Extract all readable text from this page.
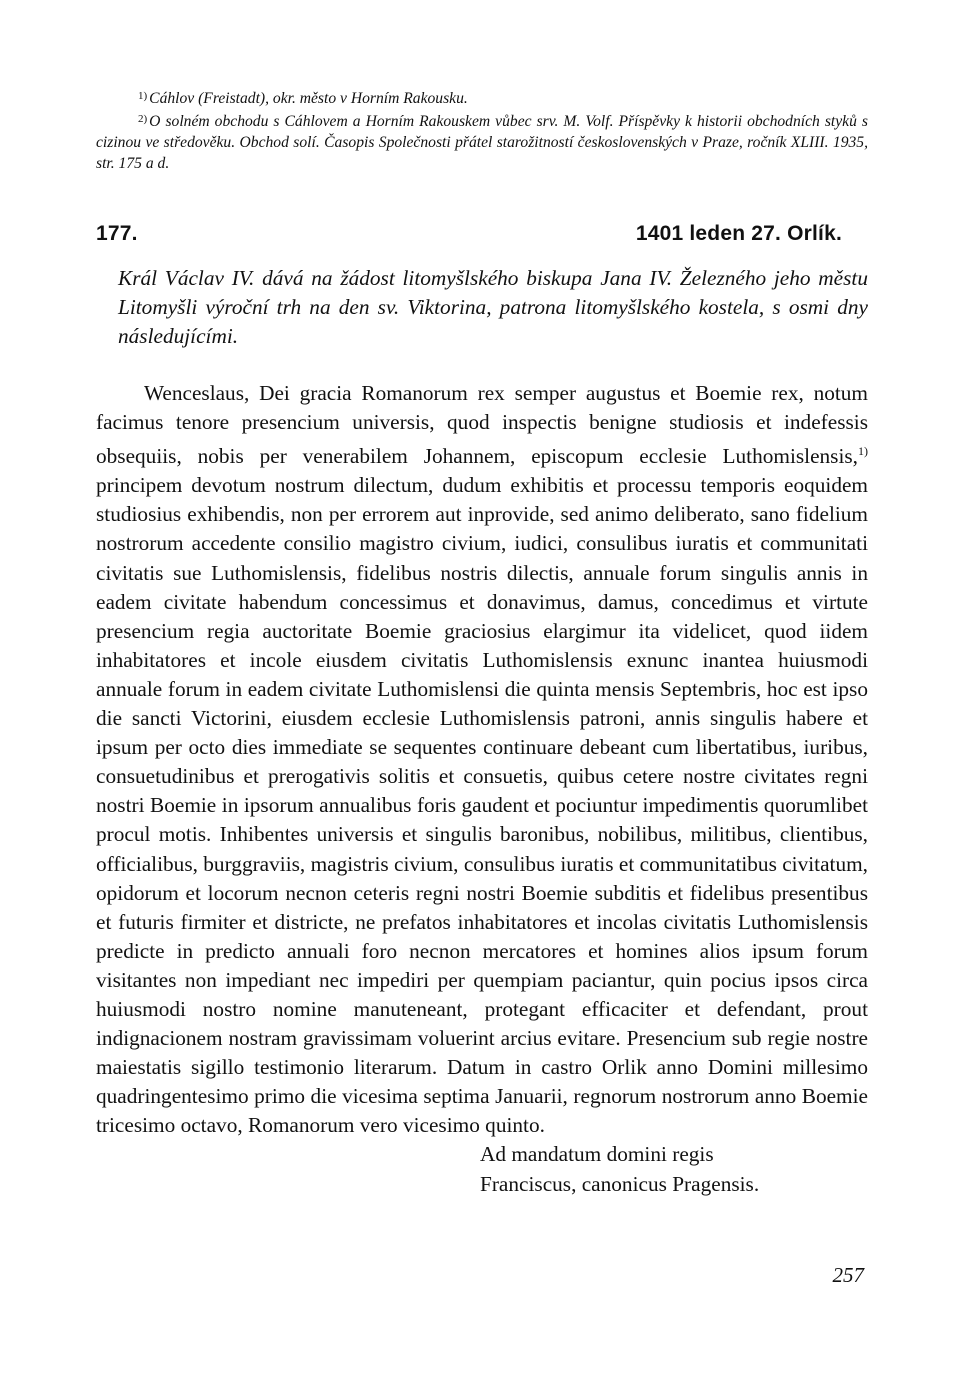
$^{1)}$ Cáhlov (Freistadt), okr. město v Horním Rakousku.

$^{2)}$ O solném obchodu s Cáhlovem a Horním Rakouskem vůbec srv. M. Volf. Příspěvky k historii obchodních styků s cizinou ve středověku. Obchod solí. Časopis Společnosti přátel starožitností československých v Praze, ročník XLIII. 1935, str. 175 a d.

177.	1401 leden 27. Orlík.
Král Václav IV. dává na žádost litomyšlského biskupa Jana IV. Železného jeho městu Litomyšli výroční trh na den sv. Viktorina, patrona litomyšlského kostela, s osmi dny následujícími.
Wenceslaus, Dei gracia Romanorum rex semper augustus et Boemie rex, notum facimus tenore presencium universis, quod inspectis benigne studiosis et indefessis obsequiis, nobis per venerabilem Johannem, episcopum ecclesie Luthomislensis,$^{1)}$ principem devotum nostrum dilectum, dudum exhibitis et processu temporis eoquidem studiosius exhibendis, non per errorem aut inprovide, sed animo deliberato, sano fidelium nostrorum accedente consilio magistro civium, iudici, consulibus iuratis et communitati civitatis sue Luthomislensis, fidelibus nostris dilectis, annuale forum singulis annis in eadem civitate habendum concessimus et donavimus, damus, concedimus et virtute presencium regia auctoritate Boemie graciosius elargimur ita videlicet, quod iidem inhabitatores et incole eiusdem civitatis Luthomislensis exnunc inantea huiusmodi annuale forum in eadem civitate Luthomislensi die quinta mensis Septembris, hoc est ipso die sancti Victorini, eiusdem ecclesie Luthomislensis patroni, annis singulis habere et ipsum per octo dies immediate se sequentes continuare debeant cum libertatibus, iuribus, consuetudinibus et prerogativis solitis et consuetis, quibus cetere nostre civitates regni nostri Boemie in ipsorum annualibus foris gaudent et pociuntur impedimentis quorumlibet procul motis. Inhibentes universis et singulis baronibus, nobilibus, militibus, clientibus, officialibus, burggraviis, magistris civium, consulibus iuratis et communitatibus civitatum, opidorum et locorum necnon ceteris regni nostri Boemie subditis et fidelibus presentibus et futuris firmiter et districte, ne prefatos inhabitatores et incolas civitatis Luthomislensis predicte in predicto annuali foro necnon mercatores et homines alios ipsum forum visitantes non impediant nec impediri per quempiam paciantur, quin pocius ipsos circa huiusmodi nostro nomine manuteneant, protegant efficaciter et defendant, prout indignacionem nostram gravissimam voluerint arcius evitare. Presencium sub regie nostre maiestatis sigillo testimonio literarum. Datum in castro Orlik anno Domini millesimo quadringentesimo primo die vicesima septima Januarii, regnorum nostrorum anno Boemie tricesimo octavo, Romanorum vero vicesimo quinto.
Ad mandatum domini regis
Franciscus, canonicus Pragensis.
257
